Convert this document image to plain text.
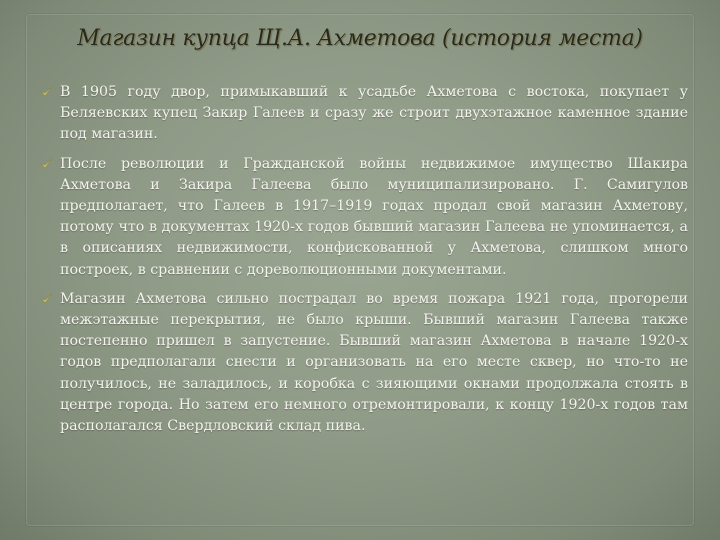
Магазин купца Щ.А. Ахметова (история места)
В 1905 году двор, примыкавший к усадьбе Ахметова с востока, покупает у Беляевских купец Закир Галеев и сразу же строит двухэтажное каменное здание под магазин.
После революции и Гражданской войны недвижимое имущество Шакира Ахметова и Закира Галеева было муниципализировано. Г. Самигулов предполагает, что Галеев в 1917–1919 годах продал свой магазин Ахметову, потому что в документах 1920-х годов бывший магазин Галеева не упоминается, а в описаниях недвижимости, конфискованной у Ахметова, слишком много построек, в сравнении с дореволюционными документами.
Магазин Ахметова сильно пострадал во время пожара 1921 года, прогорели межэтажные перекрытия, не было крыши. Бывший магазин Галеева также постепенно пришел в запустение. Бывший магазин Ахметова в начале 1920-х годов предполагали снести и организовать на его месте сквер, но что-то не получилось, не заладилось, и коробка с зияющими окнами продолжала стоять в центре города. Но затем его немного отремонтировали, к концу 1920-х годов там располагался Свердловский склад пива.
